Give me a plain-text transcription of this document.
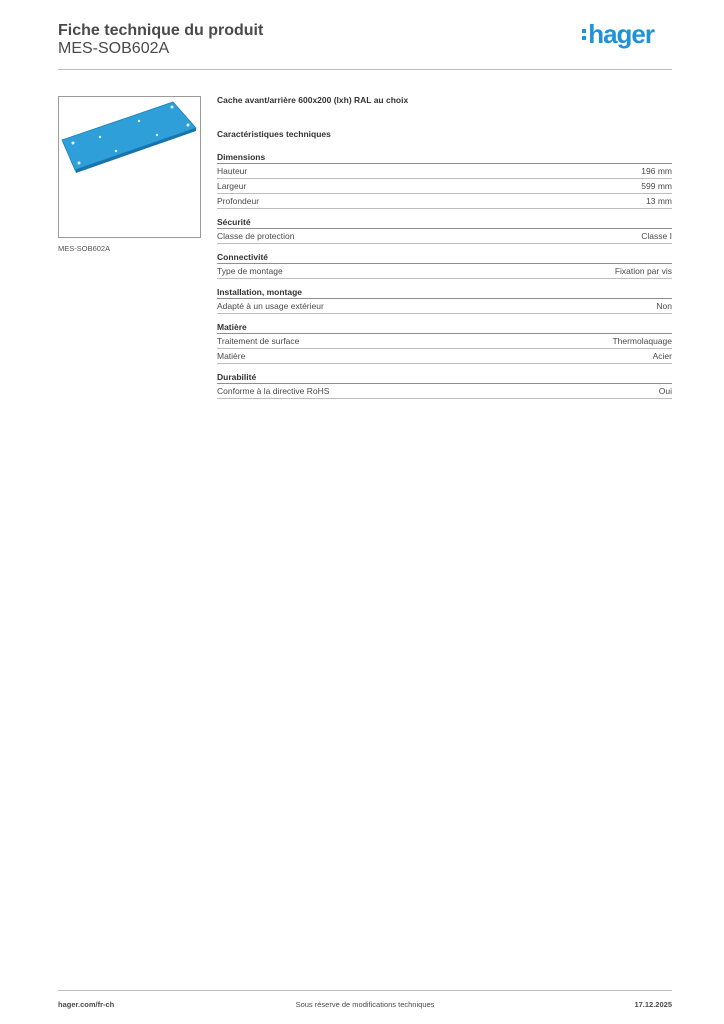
Fiche technique du produit
MES-SOB602A	hager
MES-SOB602A
Cache avant/arrière 600x200 (lxh) RAL au choix
Caractéristiques techniques
Dimensions
Hauteur	196 mm
Largeur	599 mm
Profondeur	13 mm
Sécurité
Classe de protection	Classe I
Connectivité
Type de montage	Fixation par vis
Installation, montage
Adapté à un usage extérieur	Non
Matière
Traitement de surface	Thermolaquage
Matière	Acier
Durabilité
Conforme à la directive RoHS	Oui
hager.com/fr-ch	Sous réserve de modifications techniques	17.12.2025
